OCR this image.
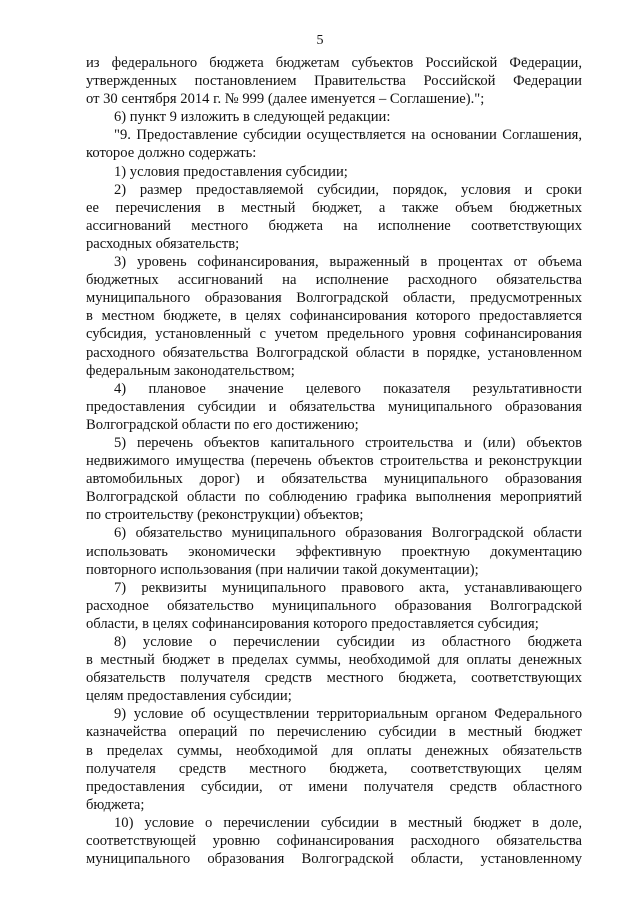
5
из федерального бюджета бюджетам субъектов Российской Федерации,
утвержденных постановлением Правительства Российской Федерации
от 30 сентября 2014 г. № 999 (далее именуется – Соглашение).";
6) пункт 9 изложить в следующей редакции:
"9. Предоставление субсидии осуществляется на основании Соглашения,
которое должно содержать:
1) условия предоставления субсидии;
2) размер предоставляемой субсидии, порядок, условия и сроки
ее перечисления в местный бюджет, а также объем бюджетных
ассигнований местного бюджета на исполнение соответствующих
расходных обязательств;
3) уровень софинансирования, выраженный в процентах от объема
бюджетных ассигнований на исполнение расходного обязательства
муниципального образования Волгоградской области, предусмотренных
в местном бюджете, в целях софинансирования которого предоставляется
субсидия, установленный с учетом предельного уровня софинансирования
расходного обязательства Волгоградской области в порядке, установленном
федеральным законодательством;
4) плановое значение целевого показателя результативности
предоставления субсидии и обязательства муниципального образования
Волгоградской области по его достижению;
5) перечень объектов капитального строительства и (или) объектов
недвижимого имущества (перечень объектов строительства и реконструкции
автомобильных дорог) и обязательства муниципального образования
Волгоградской области по соблюдению графика выполнения мероприятий
по строительству (реконструкции) объектов;
6) обязательство муниципального образования Волгоградской области
использовать экономически эффективную проектную документацию
повторного использования (при наличии такой документации);
7) реквизиты муниципального правового акта, устанавливающего
расходное обязательство муниципального образования Волгоградской
области, в целях софинансирования которого предоставляется субсидия;
8) условие о перечислении субсидии из областного бюджета
в местный бюджет в пределах суммы, необходимой для оплаты денежных
обязательств получателя средств местного бюджета, соответствующих
целям предоставления субсидии;
9) условие об осуществлении территориальным органом Федерального
казначейства операций по перечислению субсидии в местный бюджет
в пределах суммы, необходимой для оплаты денежных обязательств
получателя средств местного бюджета, соответствующих целям
предоставления субсидии, от имени получателя средств областного
бюджета;
10) условие о перечислении субсидии в местный бюджет в доле,
соответствующей уровню софинансирования расходного обязательства
муниципального образования Волгоградской области, установленному
